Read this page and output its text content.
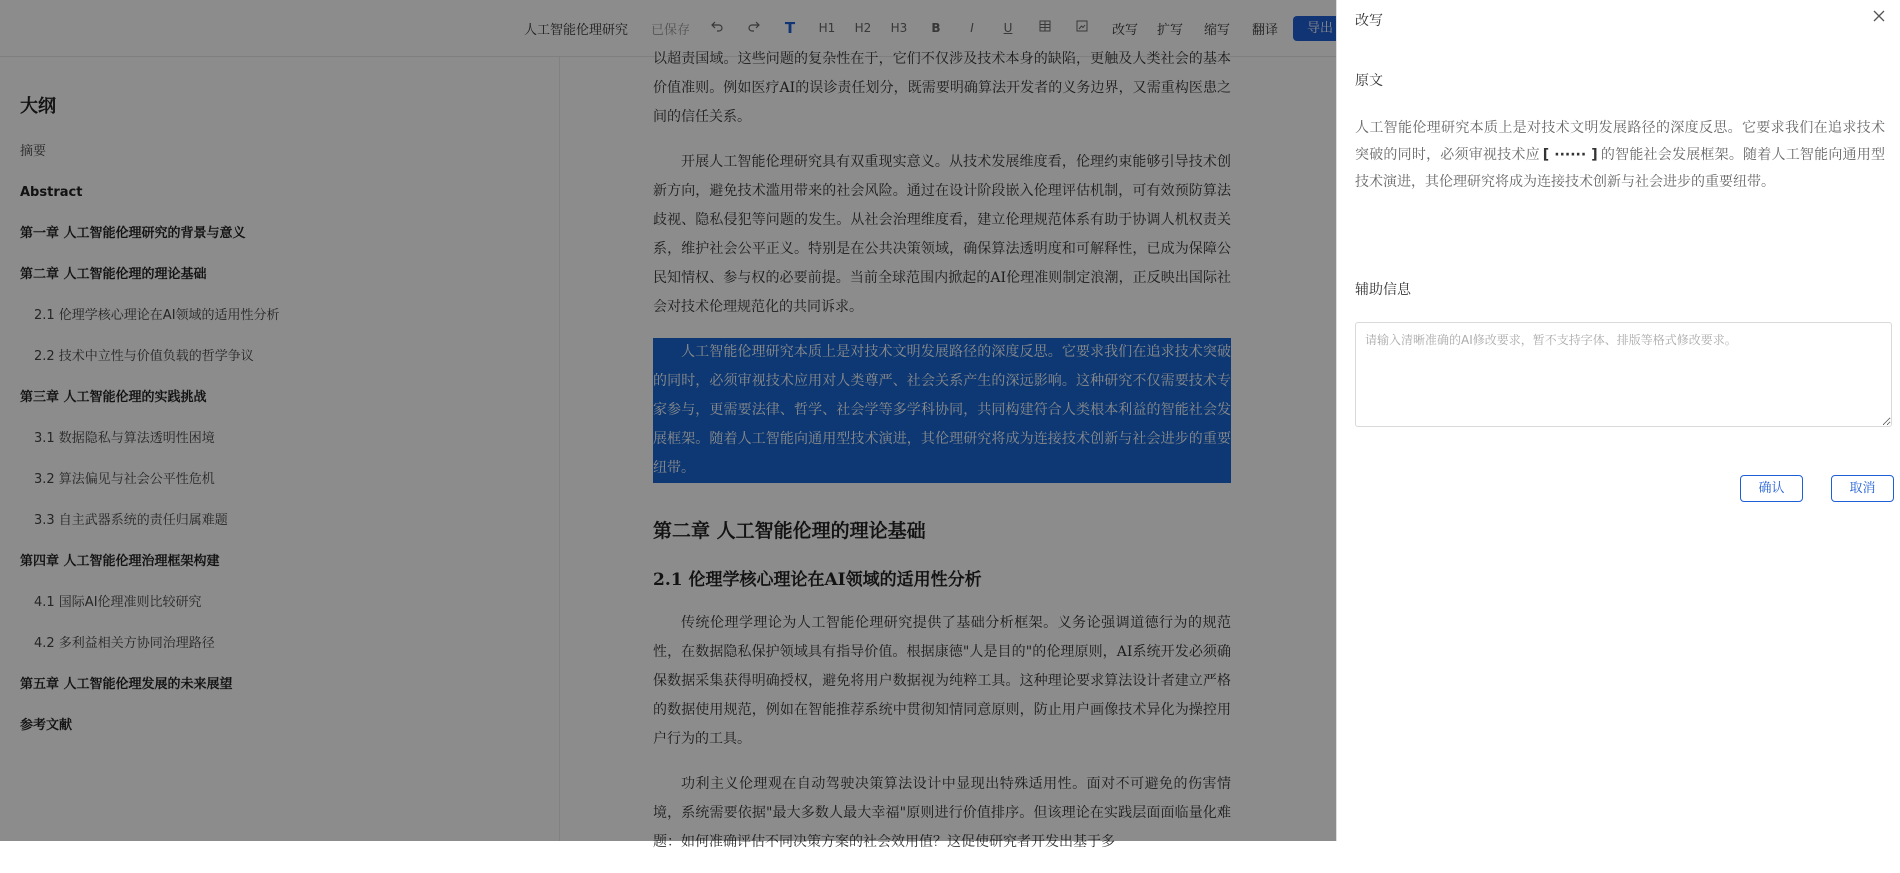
人工智能伦理研究 已保存	T	H1 H2 H3	B	I	U	改写 扩写 缩写 翻译	导出
大纲
摘要
Abstract
第一章 人工智能伦理研究的背景与意义
第二章 人工智能伦理的理论基础
2.1 伦理学核心理论在AI领域的适用性分析
2.2 技术中立性与价值负载的哲学争议
第三章 人工智能伦理的实践挑战
3.1 数据隐私与算法透明性困境
3.2 算法偏见与社会公平性危机
3.3 自主武器系统的责任归属难题
第四章 人工智能伦理治理框架构建
4.1 国际AI伦理准则比较研究
4.2 多利益相关方协同治理路径
第五章 人工智能伦理发展的未来展望
参考文献

以超责国域。这些问题的复杂性在于，它们不仅涉及技术本身的缺陷，更触及人类社会的基本价值准则。例如医疗AI的误诊责任划分，既需要明确算法开发者的义务边界，又需重构医患之间的信任关系。

开展人工智能伦理研究具有双重现实意义。从技术发展维度看，伦理约束能够引导技术创新方向，避免技术滥用带来的社会风险。通过在设计阶段嵌入伦理评估机制，可有效预防算法歧视、隐私侵犯等问题的发生。从社会治理维度看，建立伦理规范体系有助于协调人机权责关系，维护社会公平正义。特别是在公共决策领域，确保算法透明度和可解释性，已成为保障公民知情权、参与权的必要前提。当前全球范围内掀起的AI伦理准则制定浪潮，正反映出国际社会对技术伦理规范化的共同诉求。

人工智能伦理研究本质上是对技术文明发展路径的深度反思。它要求我们在追求技术突破的同时，必须审视技术应用对人类尊严、社会关系产生的深远影响。这种研究不仅需要技术专家参与，更需要法律、哲学、社会学等多学科协同，共同构建符合人类根本利益的智能社会发展框架。随着人工智能向通用型技术演进，其伦理研究将成为连接技术创新与社会进步的重要纽带。

第二章 人工智能伦理的理论基础
2.1 伦理学核心理论在AI领域的适用性分析

传统伦理学理论为人工智能伦理研究提供了基础分析框架。义务论强调道德行为的规范性，在数据隐私保护领域具有指导价值。根据康德"人是目的"的伦理原则，AI系统开发必须确保数据采集获得明确授权，避免将用户数据视为纯粹工具。这种理论要求算法设计者建立严格的数据使用规范，例如在智能推荐系统中贯彻知情同意原则，防止用户画像技术异化为操控用户行为的工具。

功利主义伦理观在自动驾驶决策算法设计中显现出特殊适用性。面对不可避免的伤害情境，系统需要依据"最大多数人最大幸福"原则进行价值排序。但该理论在实践层面面临量化难题：如何准确评估不同决策方案的社会效用值？这促使研究者开发出基于多

改写
原文
人工智能伦理研究本质上是对技术文明发展路径的深度反思。它要求我们在追求技术突破的同时，必须审视技术应 [ ······ ] 的智能社会发展框架。随着人工智能向通用型技术演进，其伦理研究将成为连接技术创新与社会进步的重要纽带。
辅助信息
请输入清晰准确的AI修改要求，暂不支持字体、排版等格式修改要求。
确认	取消
